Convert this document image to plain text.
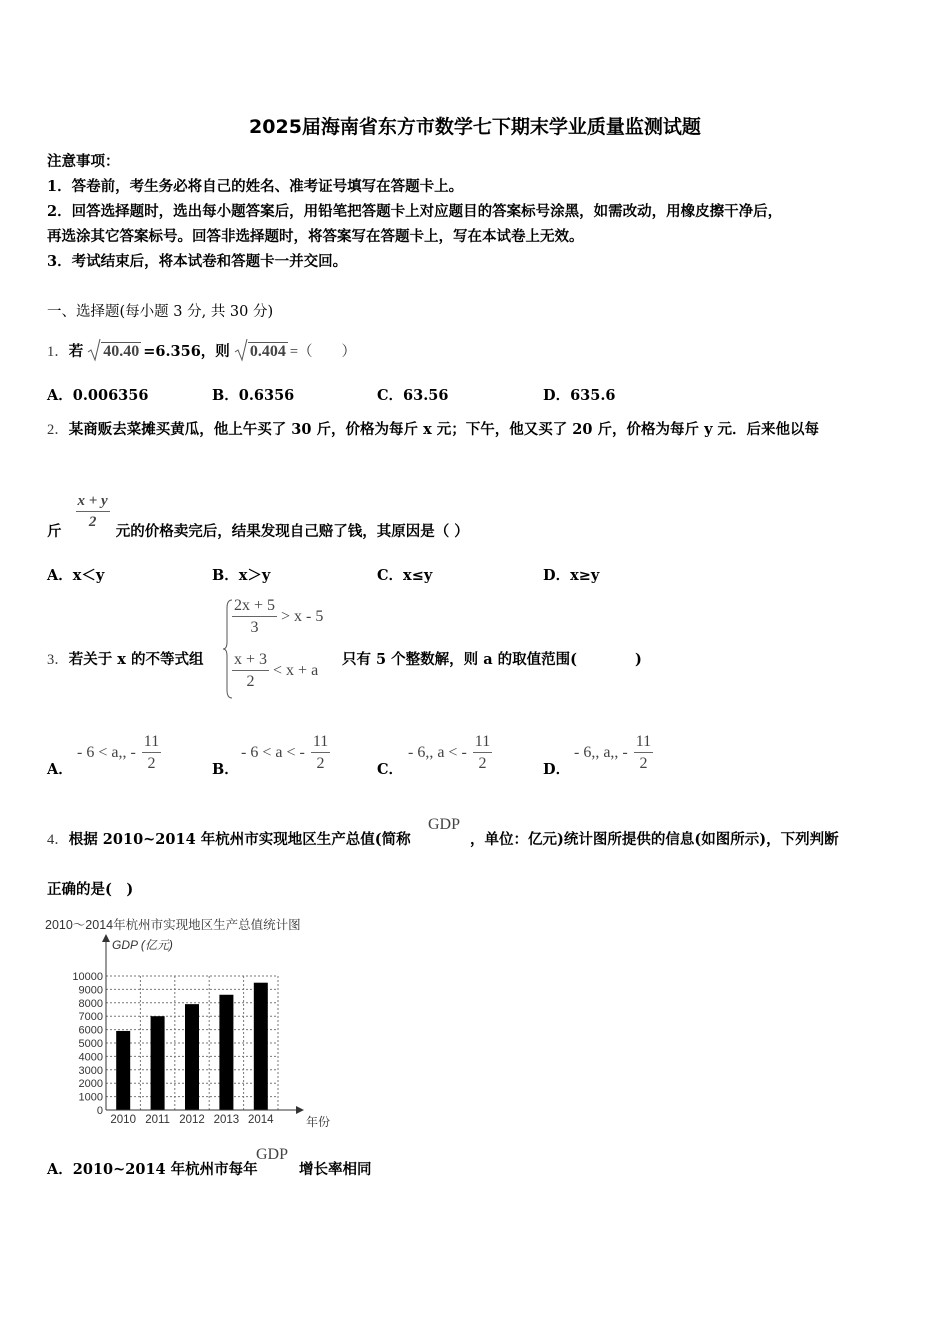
2025届海南省东方市数学七下期末学业质量监测试题
注意事项：
1．答卷前，考生务必将自己的姓名、准考证号填写在答题卡上。
2．回答选择题时，选出每小题答案后，用铅笔把答题卡上对应题目的答案标号涂黑，如需改动，用橡皮擦干净后，
再选涂其它答案标号。回答非选择题时，将答案写在答题卡上，写在本试卷上无效。
3．考试结束后，将本试卷和答题卡一并交回。
一、选择题(每小题 3 分, 共 30 分)
1． 若	40.40 =6.356，则	0.404 =（　　）
A．0.006356	B．0.6356	C．63.56	D．635.6
2．某商贩去菜摊买黄瓜，他上午买了 30 斤，价格为每斤 x 元；下午，他又买了 20 斤，价格为每斤 y 元．后来他以每
斤
$\frac{x + y}{2}$
元的价格卖完后，结果发现自己赔了钱，其原因是（ ）
A．x＜y	B．x＞y	C．x≤y	D．x≥y
3．若关于 x 的不等式组
$\frac{2x + 5}{3} > x - 5$
$\frac{x + 3}{2} < x + a$
只有 5 个整数解，则 a 的取值范围(　　　　)
A．
- 6 < a,, - $\frac{11}{2}$	B．
- 6 < a < - $\frac{11}{2}$	C．
- 6,, a < - $\frac{11}{2}$	D．
- 6,, a,, - $\frac{11}{2}$
4．根据 2010~2014 年杭州市实现地区生产总值(简称
GDP
，单位：亿元)统计图所提供的信息(如图所示)，下列判断
正确的是(　)
2010～2014年杭州市实现地区生产总值统计图
GDP (亿元)
0
1000
2000
3000
4000
5000
6000
7000
8000
9000
10000
2010 2011 2012 2013 2014	年份
A．2010~2014 年杭州市每年
GDP
增长率相同
